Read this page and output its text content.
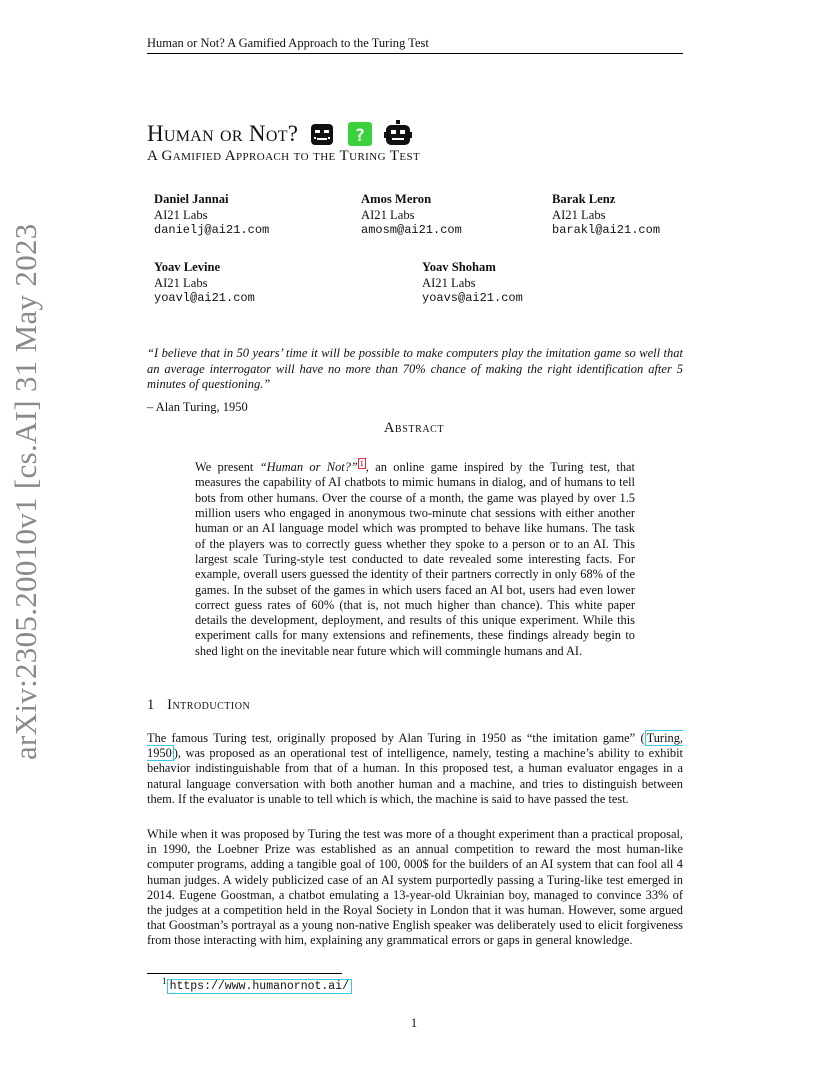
Human or Not? A Gamified Approach to the Turing Test
arXiv:2305.20010v1 [cs.AI] 31 May 2023
Human or Not?	?
A Gamified Approach to the Turing Test
Daniel Jannai
AI21 Labs
danielj@ai21.com
Amos Meron
AI21 Labs
amosm@ai21.com
Barak Lenz
AI21 Labs
barakl@ai21.com
Yoav Levine
AI21 Labs
yoavl@ai21.com
Yoav Shoham
AI21 Labs
yoavs@ai21.com
“I believe that in 50 years’ time it will be possible to make computers play the imitation game so well that an average interrogator will have no more than 70% chance of making the right identification after 5 minutes of questioning.”
– Alan Turing, 1950
Abstract
We present “Human or Not?” $^1$ , an online game inspired by the Turing test, that measures the capability of AI chatbots to mimic humans in dialog, and of humans to tell bots from other humans. Over the course of a month, the game was played by over 1.5 million users who engaged in anonymous two-minute chat sessions with either another human or an AI language model which was prompted to behave like humans. The task of the players was to correctly guess whether they spoke to a person or to an AI. This largest scale Turing-style test conducted to date revealed some interesting facts. For example, overall users guessed the identity of their partners correctly in only 68% of the games. In the subset of the games in which users faced an AI bot, users had even lower correct guess rates of 60% (that is, not much higher than chance). This white paper details the development, deployment, and results of this unique experiment. While this experiment calls for many extensions and refinements, these findings already begin to shed light on the inevitable near future which will commingle humans and AI.
1 Introduction
The famous Turing test, originally proposed by Alan Turing in 1950 as “the imitation game” ( Turing, 1950 ), was proposed as an operational test of intelligence, namely, testing a machine’s ability to exhibit behavior indistinguishable from that of a human. In this proposed test, a human evaluator engages in a natural language conversation with both another human and a machine, and tries to distinguish between them. If the evaluator is unable to tell which is which, the machine is said to have passed the test.
While when it was proposed by Turing the test was more of a thought experiment than a practical proposal, in 1990, the Loebner Prize was established as an annual competition to reward the most human-like computer programs, adding a tangible goal of 100, 000$ for the builders of an AI system that can fool all 4 human judges. A widely publicized case of an AI system purportedly passing a Turing-like test emerged in 2014. Eugene Goostman, a chatbot emulating a 13-year-old Ukrainian boy, managed to convince 33% of the judges at a competition held in the Royal Society in London that it was human. However, some argued that Goostman’s portrayal as a young non-native English speaker was deliberately used to elicit forgiveness from those interacting with him, explaining any grammatical errors or gaps in general knowledge.
$^1$ https://www.humanornot.ai/
1
